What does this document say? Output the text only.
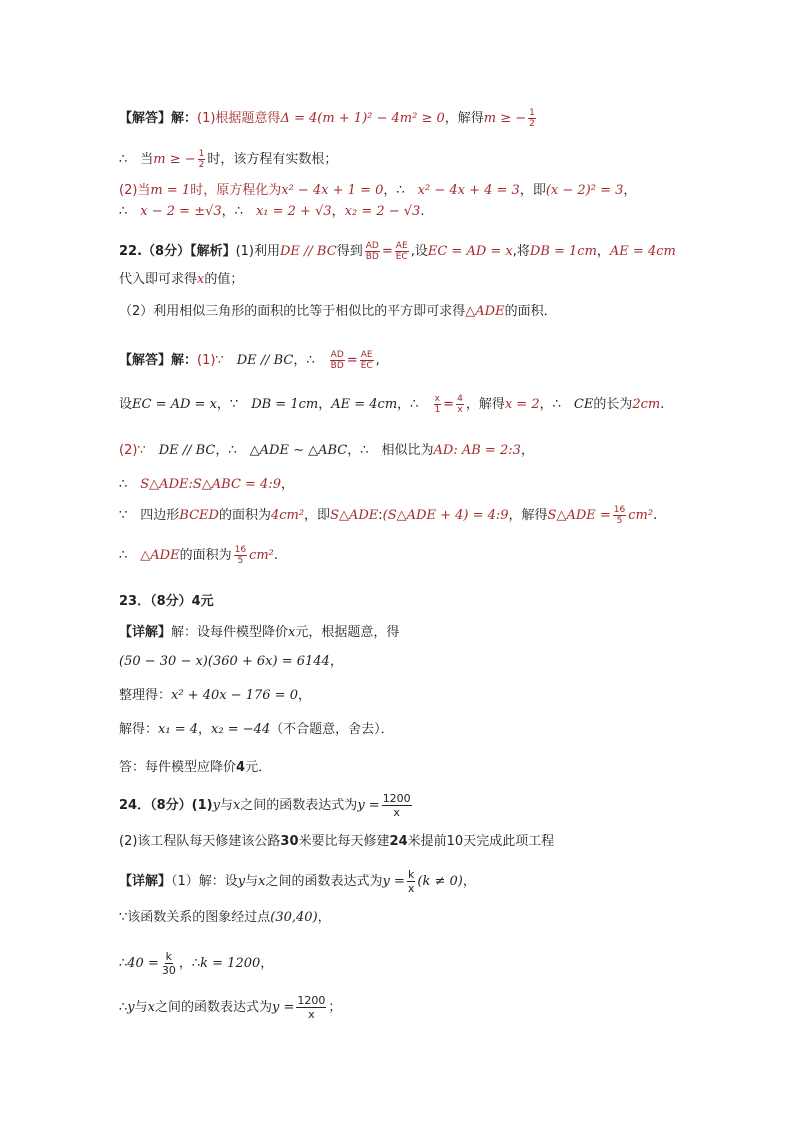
【解答】解：(1)根据题意得Δ = 4(m + 1)² − 4m² ≥ 0，解得m ≥ − $\frac{1}{2}$
∴　当m ≥ − $\frac{1}{2}$ 时，该方程有实数根；
(2)当m = 1时，原方程化为x² − 4x + 1 = 0，∴　x² − 4x + 4 = 3，即(x − 2)² = 3，
∴　x − 2 = ±√3，∴　x₁ = 2 + √3，x₂ = 2 − √3.
22.（8分）【解析】(1)利用DE // BC得到 $\frac{AD}{BD} = \frac{AE}{EC}$ ,设EC = AD = x,将DB = 1cm，AE = 4cm
代入即可求得x的值；
（2）利用相似三角形的面积的比等于相似比的平方即可求得△ADE的面积．
【解答】解：(1)∵　DE // BC，∴　 $\frac{AD}{BD} = \frac{AE}{EC}$ ,
设EC = AD = x，∵　DB = 1cm，AE = 4cm，∴　 $\frac{x}{1} = \frac{4}{x}$ ，解得x = 2，∴　CE的长为2cm.
(2)∵　DE // BC，∴　△ADE ∼ △ABC，∴　相似比为AD: AB = 2:3，
∴　S△ADE:S△ABC = 4:9，
∵　四边形BCED的面积为4cm²，即S△ADE:(S△ADE + 4) = 4:9，解得S△ADE = $\frac{16}{5} cm^2$.
∴　△ADE的面积为 $\frac{16}{5} cm^2$.
23．（8分）4元
【详解】解：设每件模型降价x元，根据题意，得
(50 − 30 − x)(360 + 6x) = 6144，
整理得：x² + 40x − 176 = 0，
解得：x₁ = 4，x₂ = −44（不合题意，舍去）．
答：每件模型应降价4元．
24．（8分）(1)y与x之间的函数表达式为$y = \frac{1200}{x}$
(2)该工程队每天修建该公路30米要比每天修建24米提前10天完成此项工程
【详解】（1）解：设y与x之间的函数表达式为$y = \frac{k}{x} (k \ne 0)$，
∵该函数关系的图象经过点(30,40)，
∴40 = $\frac{k}{30}$ ，∴k = 1200，
∴y与x之间的函数表达式为$y = \frac{1200}{x}$ ；
